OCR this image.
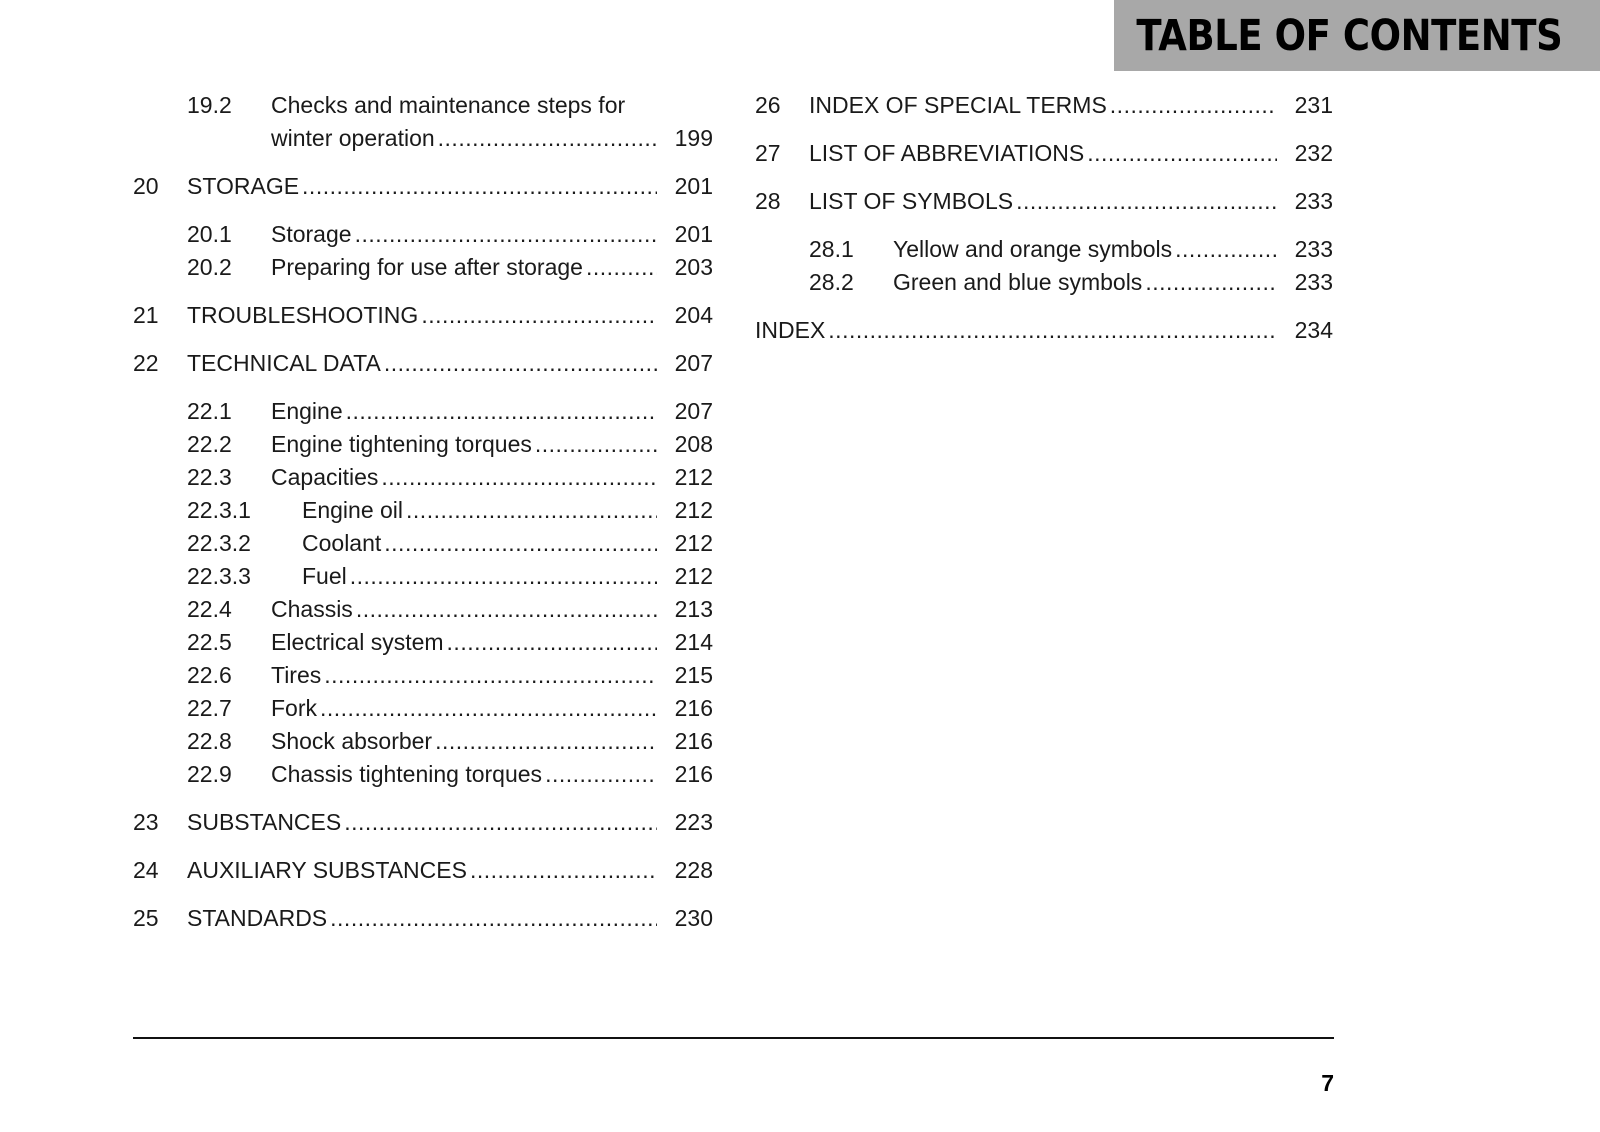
TABLE OF CONTENTS
19.2	Checks and maintenance steps for
winter operation .....	199
20	STORAGE .....	201
20.1	Storage .....	201
20.2	Preparing for use after storage .....	203
21	TROUBLESHOOTING .....	204
22	TECHNICAL DATA .....	207
22.1	Engine .....	207
22.2	Engine tightening torques .....	208
22.3	Capacities .....	212
22.3.1	Engine oil .....	212
22.3.2	Coolant .....	212
22.3.3	Fuel .....	212
22.4	Chassis .....	213
22.5	Electrical system .....	214
22.6	Tires .....	215
22.7	Fork .....	216
22.8	Shock absorber .....	216
22.9	Chassis tightening torques .....	216
23	SUBSTANCES .....	223
24	AUXILIARY SUBSTANCES .....	228
25	STANDARDS .....	230
26	INDEX OF SPECIAL TERMS .....	231
27	LIST OF ABBREVIATIONS .....	232
28	LIST OF SYMBOLS .....	233
28.1	Yellow and orange symbols .....	233
28.2	Green and blue symbols .....	233
INDEX .....	234
7
